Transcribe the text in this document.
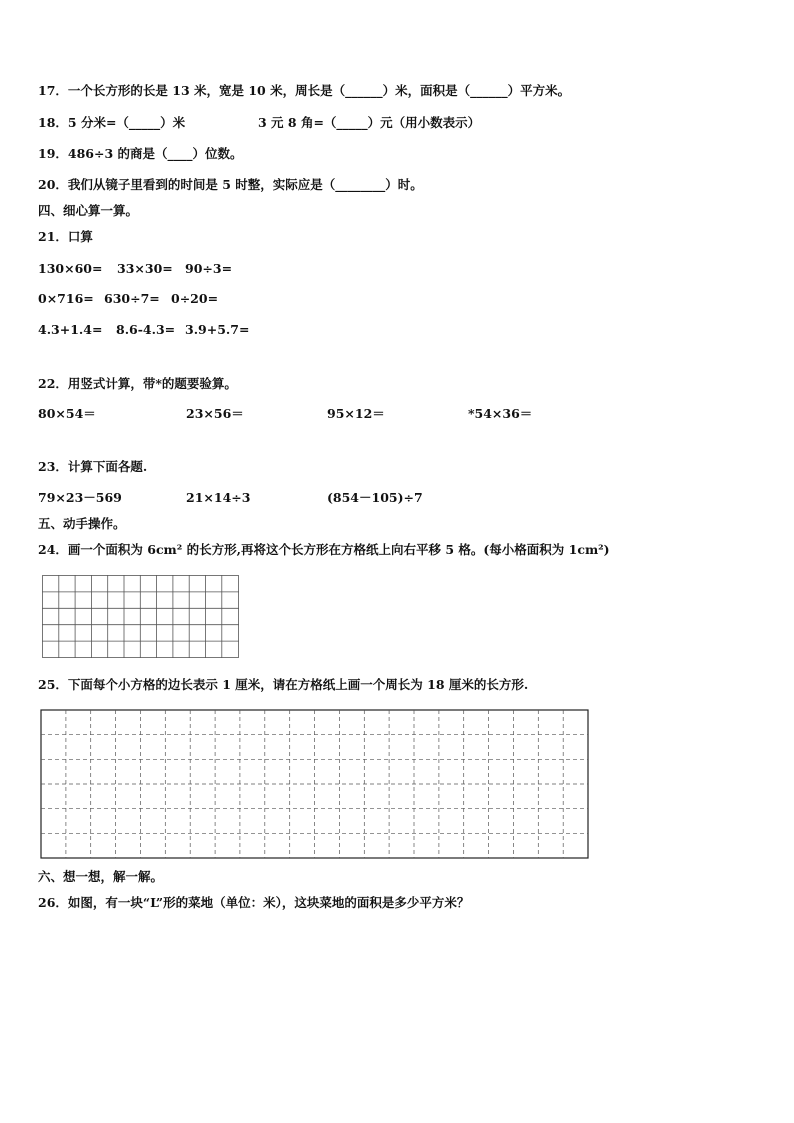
17．一个长方形的长是 13 米，宽是 10 米，周长是（______）米，面积是（______）平方米。
18．5 分米=（_____）米	3 元 8 角=（_____）元（用小数表示）
19．486÷3 的商是（____）位数。
20．我们从镜子里看到的时间是 5 时整，实际应是（________）时。
四、细心算一算。
21．口算
130×60= 33×30= 90÷3=
0×716= 630÷7= 0÷20=
4.3+1.4= 8.6-4.3= 3.9+5.7=
22．用竖式计算，带*的题要验算。
80×54＝	23×56＝	95×12＝	*54×36＝
23．计算下面各题.
79×23－569	21×14÷3	(854－105)÷7
五、动手操作。
24．画一个面积为 6cm² 的长方形,再将这个长方形在方格纸上向右平移 5 格。(每小格面积为 1cm²)
25．下面每个小方格的边长表示 1 厘米，请在方格纸上画一个周长为 18 厘米的长方形.
六、想一想，解一解。
26．如图，有一块“L”形的菜地（单位：米），这块菜地的面积是多少平方米？
